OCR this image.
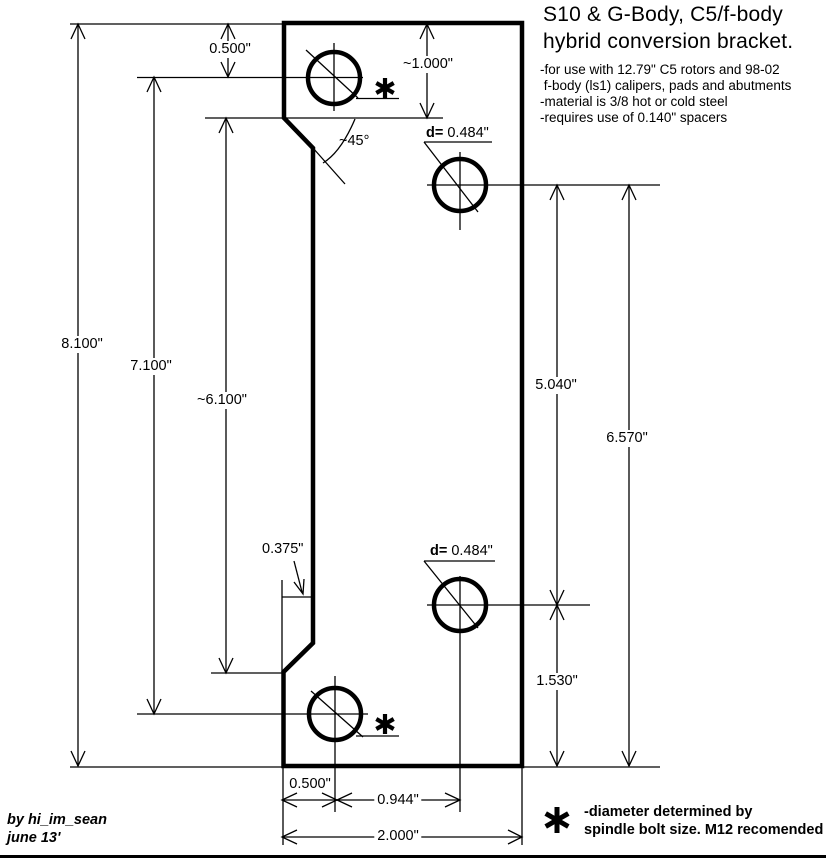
S10 & G-Body, C5/f-body
hybrid conversion bracket.
-for use with 12.79" C5 rotors and 98-02
f-body (ls1) calipers, pads and abutments
-material is 3/8 hot or cold steel
-requires use of 0.140" spacers
0.500"
~1.000"
~45°	d= 0.484"
d= 0.484"
8.100"
7.100"
~6.100"
5.040"
6.570"
0.375"
1.530"
0.500"
0.944"
2.000"
-diameter determined by
spindle bolt size. M12 recomended
by hi_im_sean
june 13'
